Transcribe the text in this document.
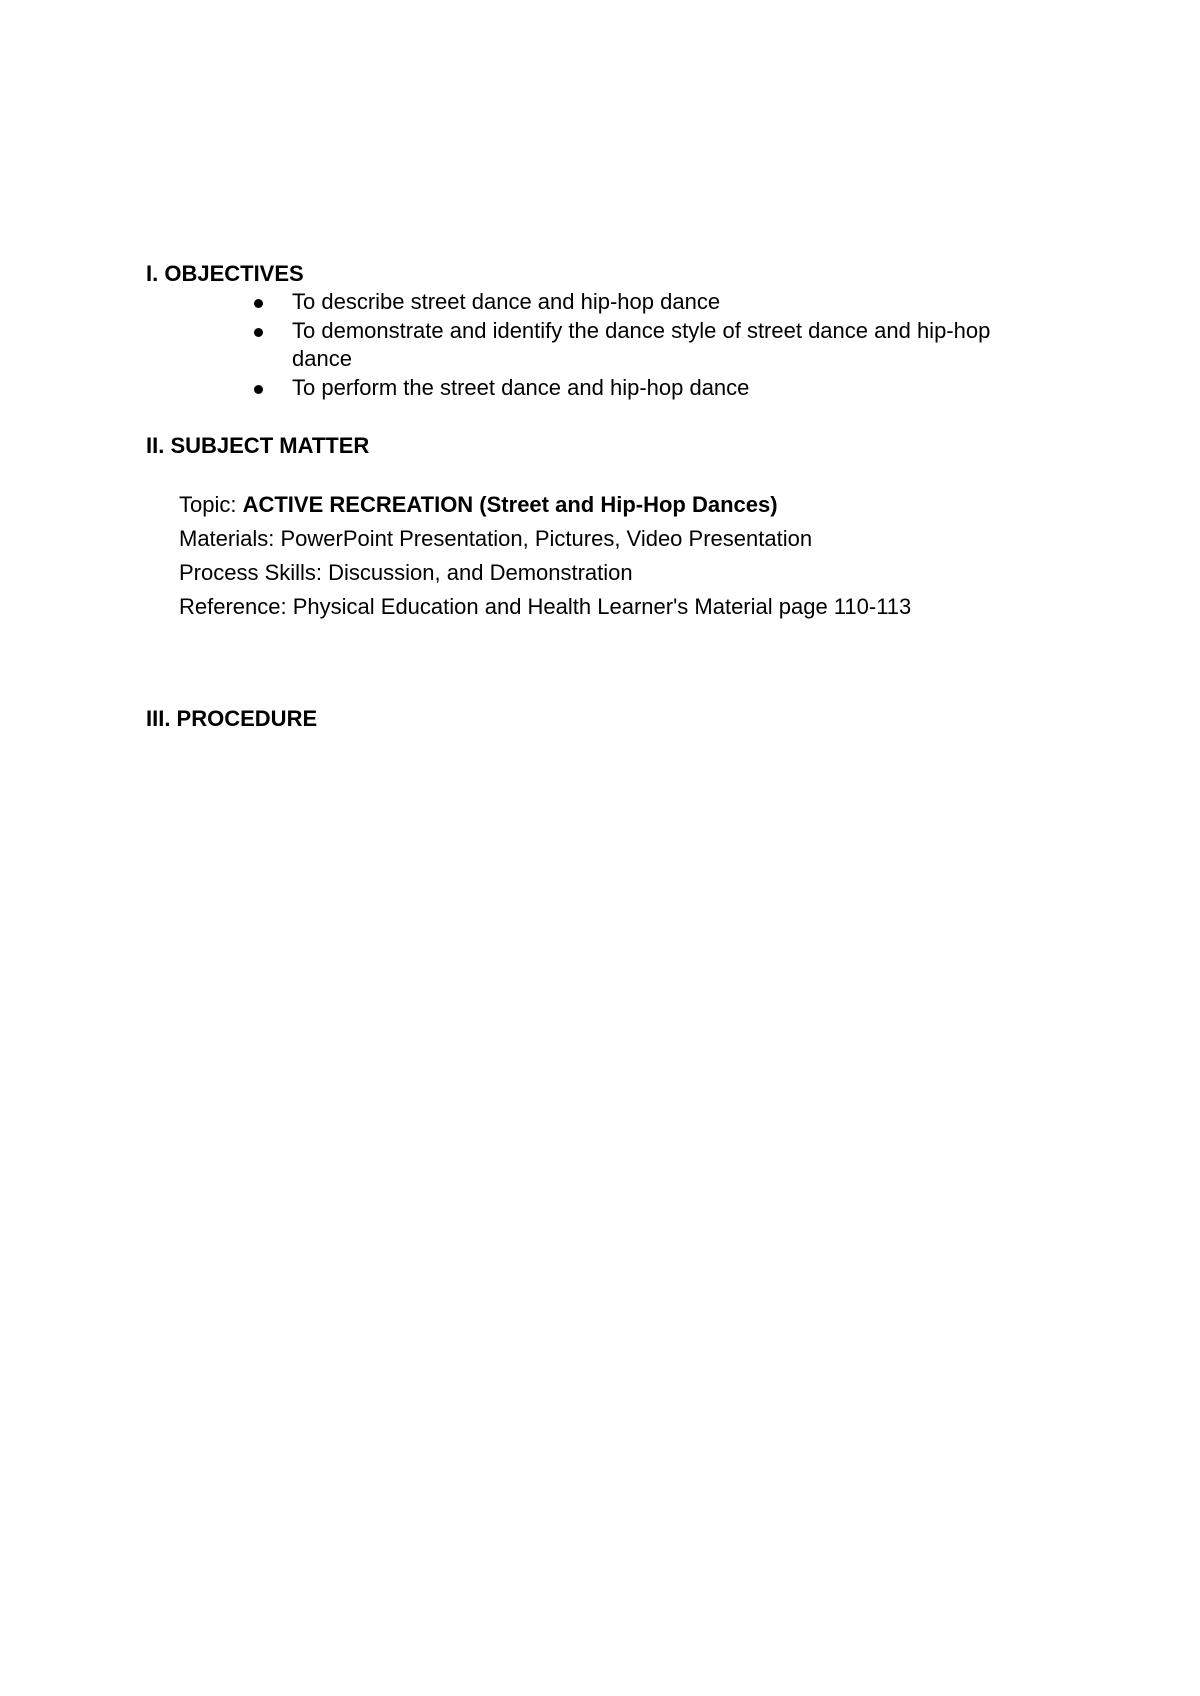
I. OBJECTIVES
To describe street dance and hip-hop dance
To demonstrate and identify the dance style of street dance and hip-hop dance
To perform the street dance and hip-hop dance
II. SUBJECT MATTER
Topic: ACTIVE RECREATION (Street and Hip-Hop Dances)
Materials: PowerPoint Presentation, Pictures, Video Presentation
Process Skills: Discussion, and Demonstration
Reference: Physical Education and Health Learner's Material page 110-113
III. PROCEDURE
